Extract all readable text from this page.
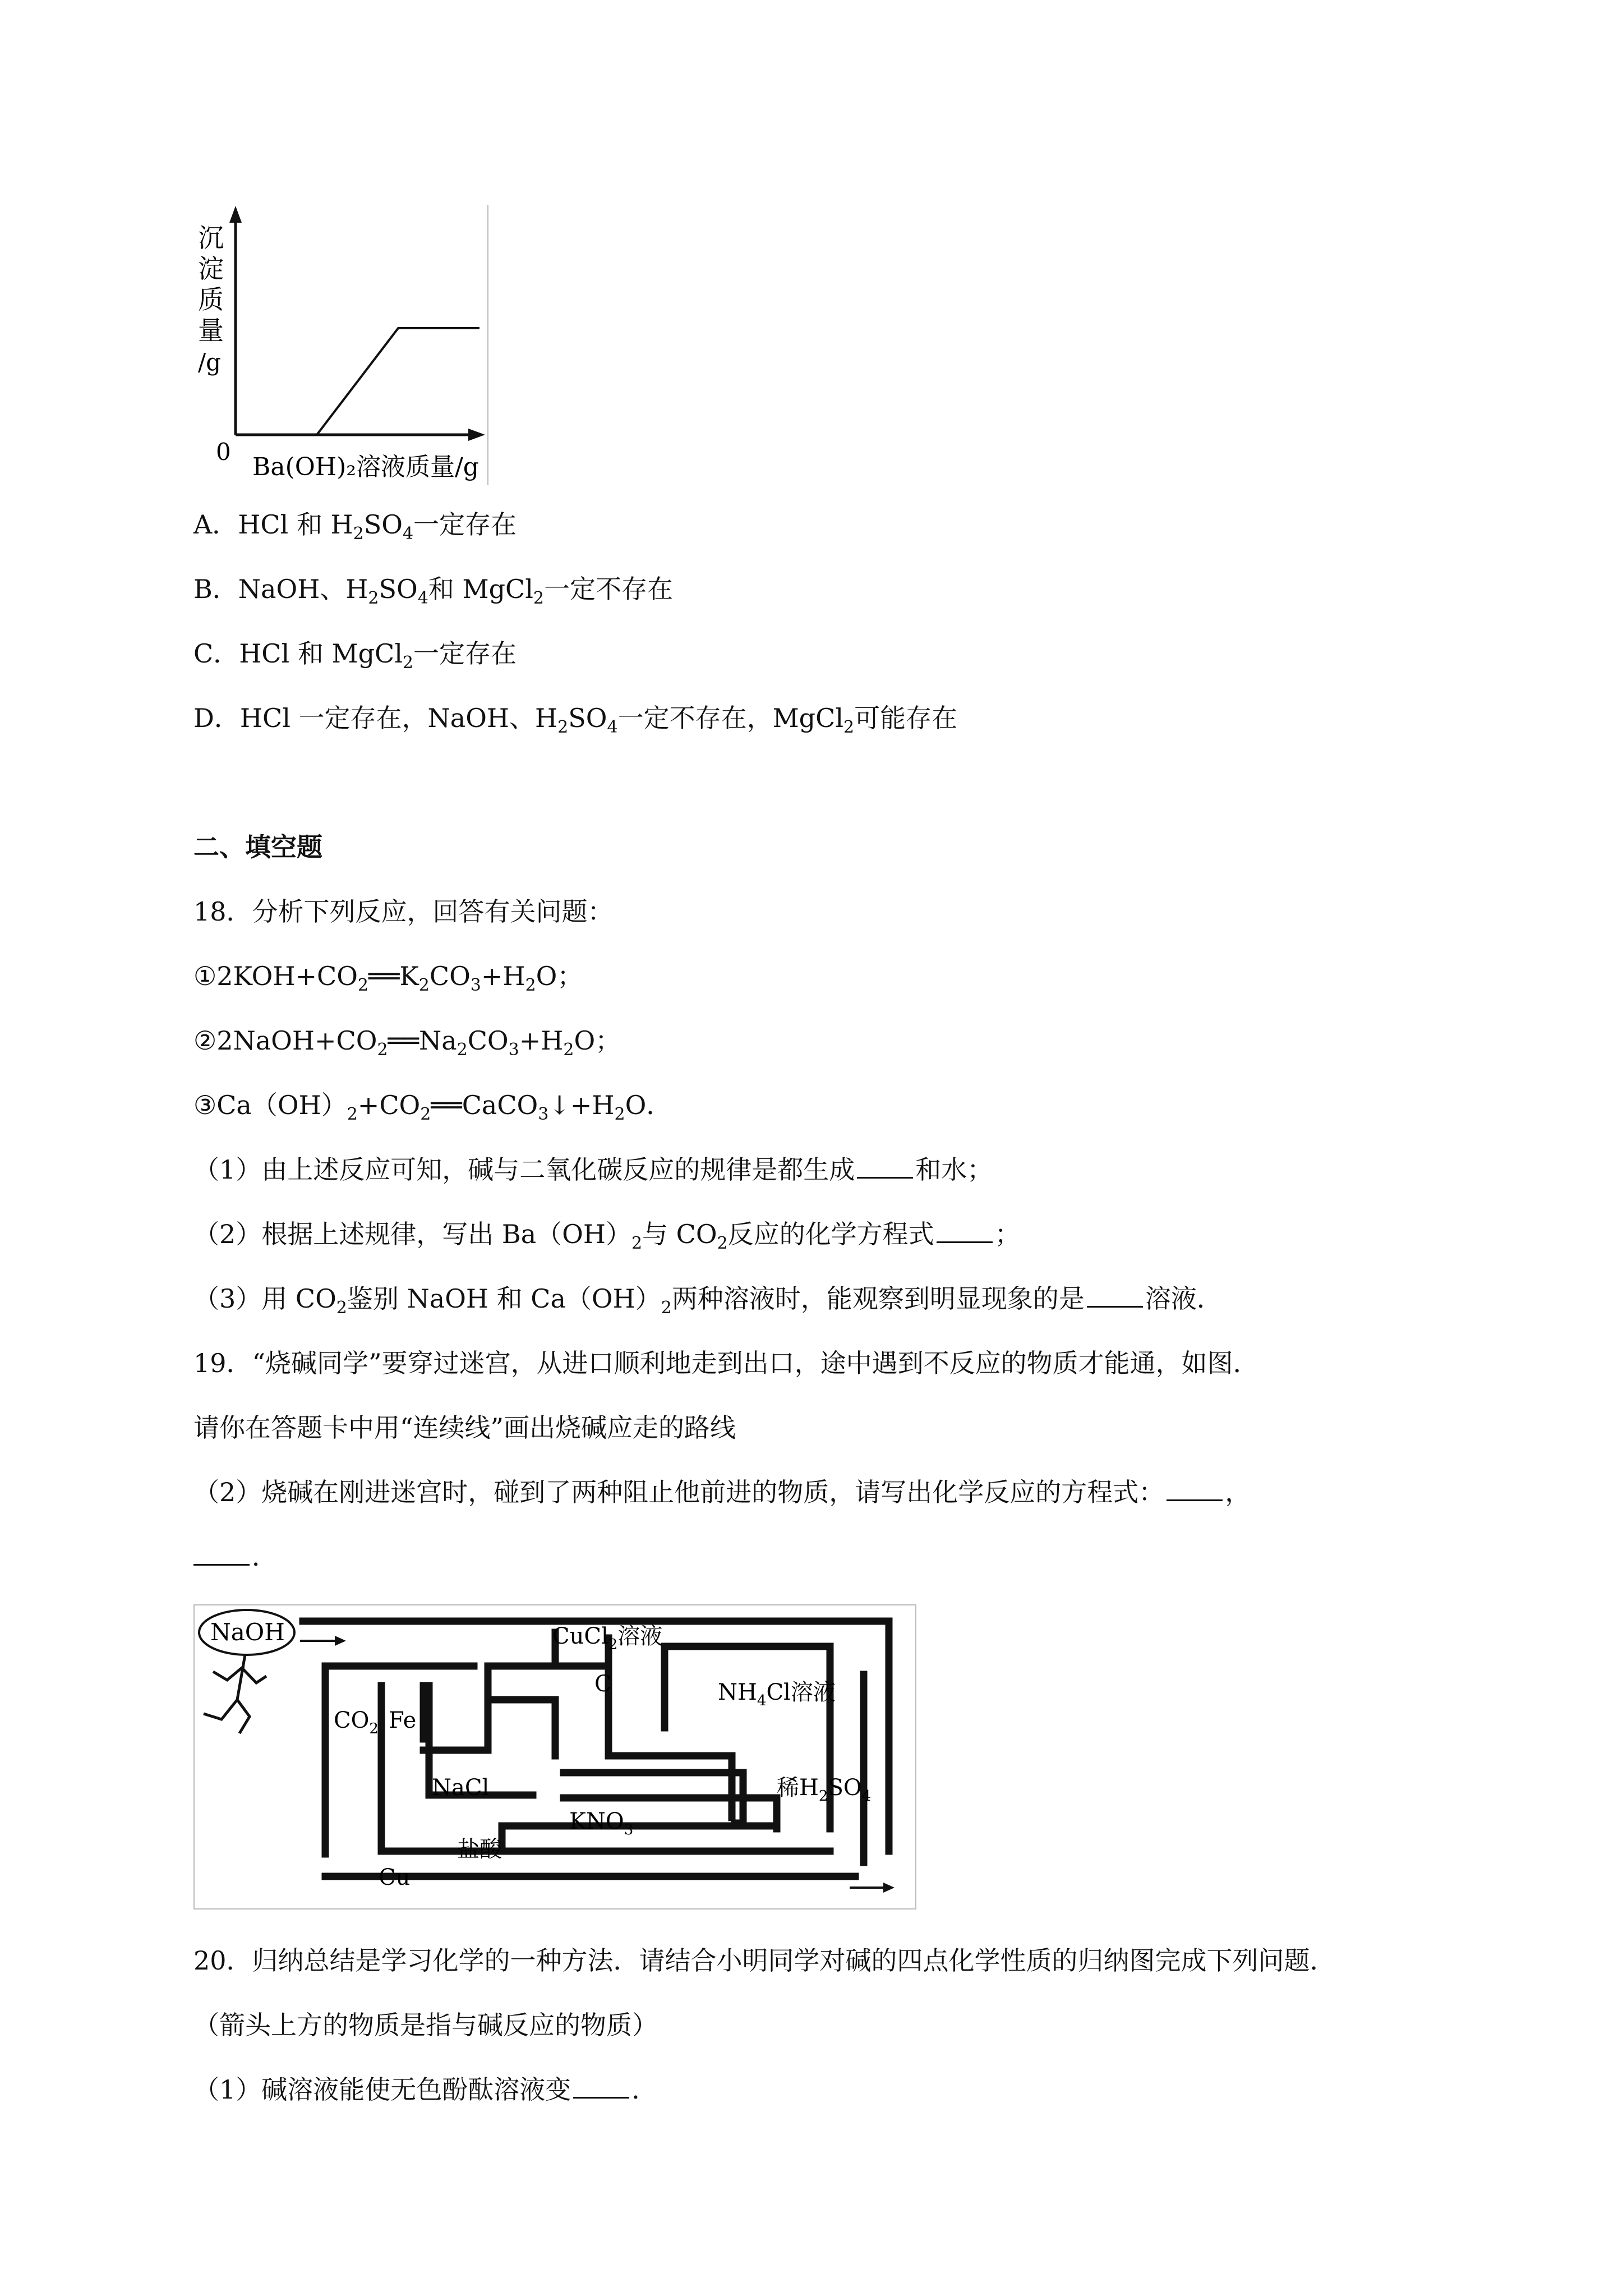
沉
淀
质
量
/g
0
Ba(OH)₂溶液质量/g
A．HCl 和 $H_2SO_4$一定存在
B．NaOH、$H_2SO_4$和 MgCl$_2$一定不存在
C．HCl 和 MgCl$_2$一定存在
D．HCl 一定存在，NaOH、$H_2SO_4$一定不存在，MgCl$_2$可能存在
二、填空题
18．分析下列反应，回答有关问题：
$①2KOH+CO_2══K_2CO_3+H_2O$；
$②2NaOH+CO_2══Na_2CO_3+H_2O$；
$③Ca(OH)_2+CO_2══CaCO_3↓+H_2O$．
（1）由上述反应可知，碱与二氧化碳反应的规律是都生成 和水；
（2）根据上述规律，写出 $Ba(OH)_2$与 $CO_2$反应的化学方程式 ；
（3）用 $CO_2$鉴别 NaOH 和 $Ca(OH)_2$两种溶液时，能观察到明显现象的是 溶液．
19．“烧碱同学”要穿过迷宫，从进口顺利地走到出口，途中遇到不反应的物质才能通，如图．
请你在答题卡中用“连续线”画出烧碱应走的路线
（2）烧碱在刚进迷宫时，碰到了两种阻止他前进的物质，请写出化学反应的方程式： ，
．
NaOH	CuCl$_2$溶液
C	$NH_4Cl$溶液
$CO_2$ Fe
NaCl	稀$H_2SO_4$
$KNO_3$
盐酸
Cu
20．归纳总结是学习化学的一种方法．请结合小明同学对碱的四点化学性质的归纳图完成下列问题．
（箭头上方的物质是指与碱反应的物质）
（1）碱溶液能使无色酚酞溶液变 ．
